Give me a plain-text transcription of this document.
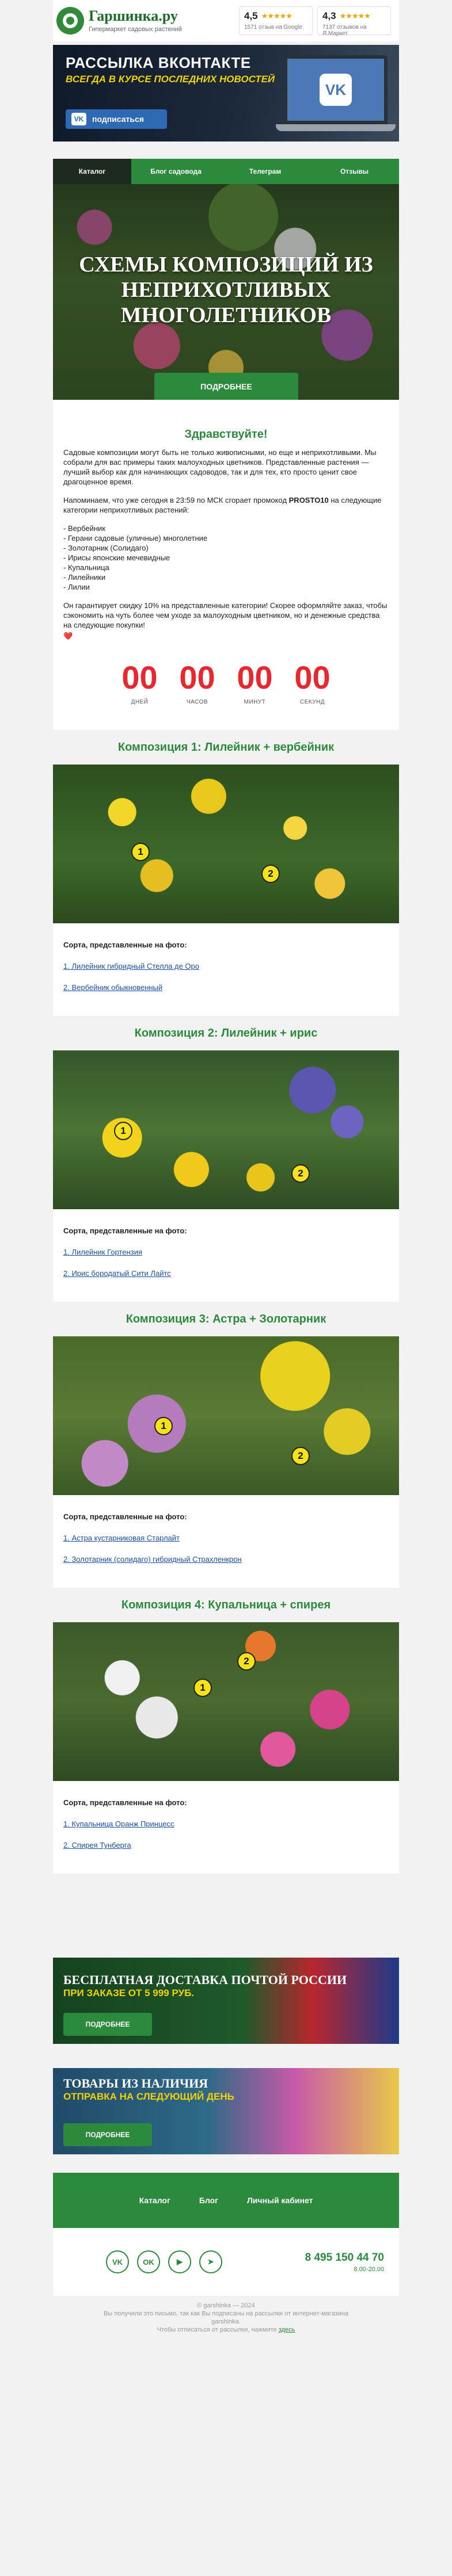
Гаршинка.ру
Гипермаркет садовых растений
4,5 ★★★★★
1571 отзыв на Google
4,3 ★★★★★
7137 отзывов на Я.Маркет
РАССЫЛКА ВКОНТАКТЕ
ВСЕГДА В КУРСЕ ПОСЛЕДНИХ НОВОСТЕЙ
VK	подписаться
VK
Каталог	Блог садовода	Телеграм	Отзывы
СХЕМЫ КОМПОЗИЦИЙ ИЗ НЕПРИХОТЛИВЫХ МНОГОЛЕТНИКОВ
ПОДРОБНЕЕ
Здравствуйте!

Садовые композиции могут быть не только живописными, но еще и неприхотливыми. Мы собрали для вас примеры таких малоуходных цветников. Представленные растения — лучший выбор как для начинающих садоводов, так и для тех, кто просто ценит свое драгоценное время.

Напоминаем, что уже сегодня в 23:59 по МСК сгорает промокод PROSTO10 на следующие категории неприхотливых растений:

- Вербейник
- Герани садовые (уличные) многолетние
- Золотарник (Солидаго)
- Ирисы японские мечевидные
- Купальница
- Лилейники
- Лилии

Он гарантирует скидку 10% на представленные категории! Скорее оформляйте заказ, чтобы сэкономить на чуть более чем уходе за малоуходным цветником, но и денежные средства на следующие покупки!

❤️
00
ДНЕЙ
00
ЧАСОВ
00
МИНУТ
00
СЕКУНД
Композиция 1: Лилейник + вербейник
1
2
Сорта, представленные на фото:
1. Лилейник гибридный Стелла де Оро
2. Вербейник обыкновенный
Композиция 2: Лилейник + ирис
1
2
Сорта, представленные на фото:
1. Лилейник Гортензия
2. Ирис бородатый Сити Лайтс
Композиция 3: Астра + Золотарник
1
2
Сорта, представленные на фото:
1. Астра кустарниковая Старлайт
2. Золотарник (солидаго) гибридный Страхленкрон
Композиция 4: Купальница + спирея
1
2
Сорта, представленные на фото:
1. Купальница Оранж Принцесс
2. Спирея Тунберга
БЕСПЛАТНАЯ ДОСТАВКА ПОЧТОЙ РОССИИ
ПРИ ЗАКАЗЕ ОТ 5 999 РУБ.
ПОДРОБНЕЕ
ТОВАРЫ ИЗ НАЛИЧИЯ
ОТПРАВКА НА СЛЕДУЮЩИЙ ДЕНЬ
ПОДРОБНЕЕ
Каталог	Блог	Личный кабинет
VK	OK	▶	➤	8 495 150 44 70
8.00-20.00
© garshinka — 2024
Вы получили это письмо, так как Вы подписаны на рассылки от интернет-магазина
garshinka.
Чтобы отписаться от рассылки, нажмите здесь
